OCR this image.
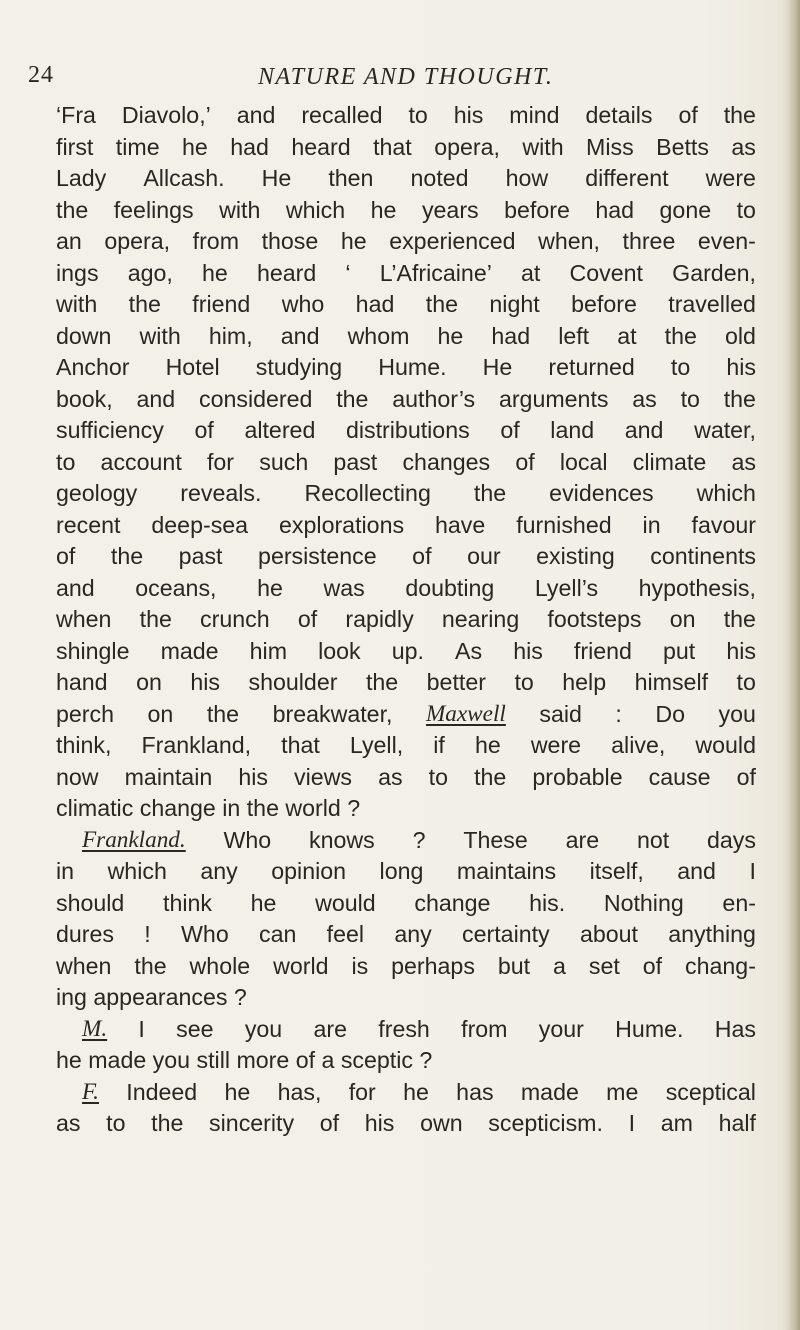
24	NATURE AND THOUGHT.
‘Fra Diavolo,’ and recalled to his mind details of the
first time he had heard that opera, with Miss Betts as
Lady Allcash. He then noted how different were
the feelings with which he years before had gone to
an opera, from those he experienced when, three even-
ings ago, he heard ‘ L’Africaine’ at Covent Garden,
with the friend who had the night before travelled
down with him, and whom he had left at the old
Anchor Hotel studying Hume. He returned to his
book, and considered the author’s arguments as to the
sufficiency of altered distributions of land and water,
to account for such past changes of local climate as
geology reveals. Recollecting the evidences which
recent deep-sea explorations have furnished in favour
of the past persistence of our existing continents
and oceans, he was doubting Lyell’s hypothesis,
when the crunch of rapidly nearing footsteps on the
shingle made him look up. As his friend put his
hand on his shoulder the better to help himself to
perch on the breakwater, Maxwell said : Do you
think, Frankland, that Lyell, if he were alive, would
now maintain his views as to the probable cause of
climatic change in the world ?
Frankland. Who knows ? These are not days
in which any opinion long maintains itself, and I
should think he would change his. Nothing en-
dures ! Who can feel any certainty about anything
when the whole world is perhaps but a set of chang-
ing appearances ?
M. I see you are fresh from your Hume. Has
he made you still more of a sceptic ?
F. Indeed he has, for he has made me sceptical
as to the sincerity of his own scepticism. I am half
